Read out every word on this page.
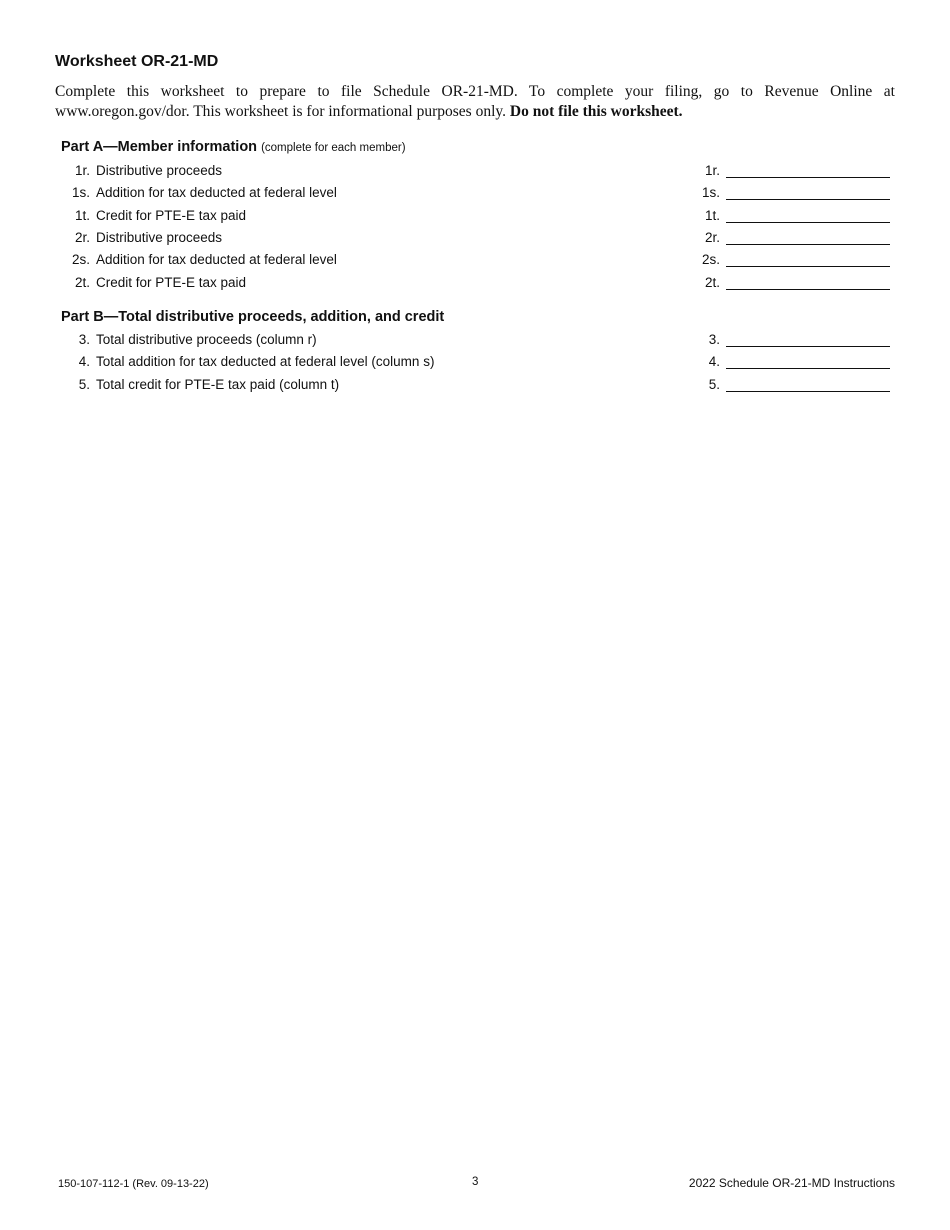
Worksheet OR-21-MD
Complete this worksheet to prepare to file Schedule OR-21-MD. To complete your filing, go to Revenue Online at www.oregon.gov/dor. This worksheet is for informational purposes only. Do not file this worksheet.
Part A—Member information (complete for each member)
1r. Distributive proceeds	1r.
1s. Addition for tax deducted at federal level	1s.
1t. Credit for PTE-E tax paid	1t.
2r. Distributive proceeds	2r.
2s. Addition for tax deducted at federal level	2s.
2t. Credit for PTE-E tax paid	2t.
Part B—Total distributive proceeds, addition, and credit
3. Total distributive proceeds (column r)	3.
4. Total addition for tax deducted at federal level (column s)	4.
5. Total credit for PTE-E tax paid (column t)	5.
150-107-112-1 (Rev. 09-13-22)	3	2022 Schedule OR-21-MD Instructions
